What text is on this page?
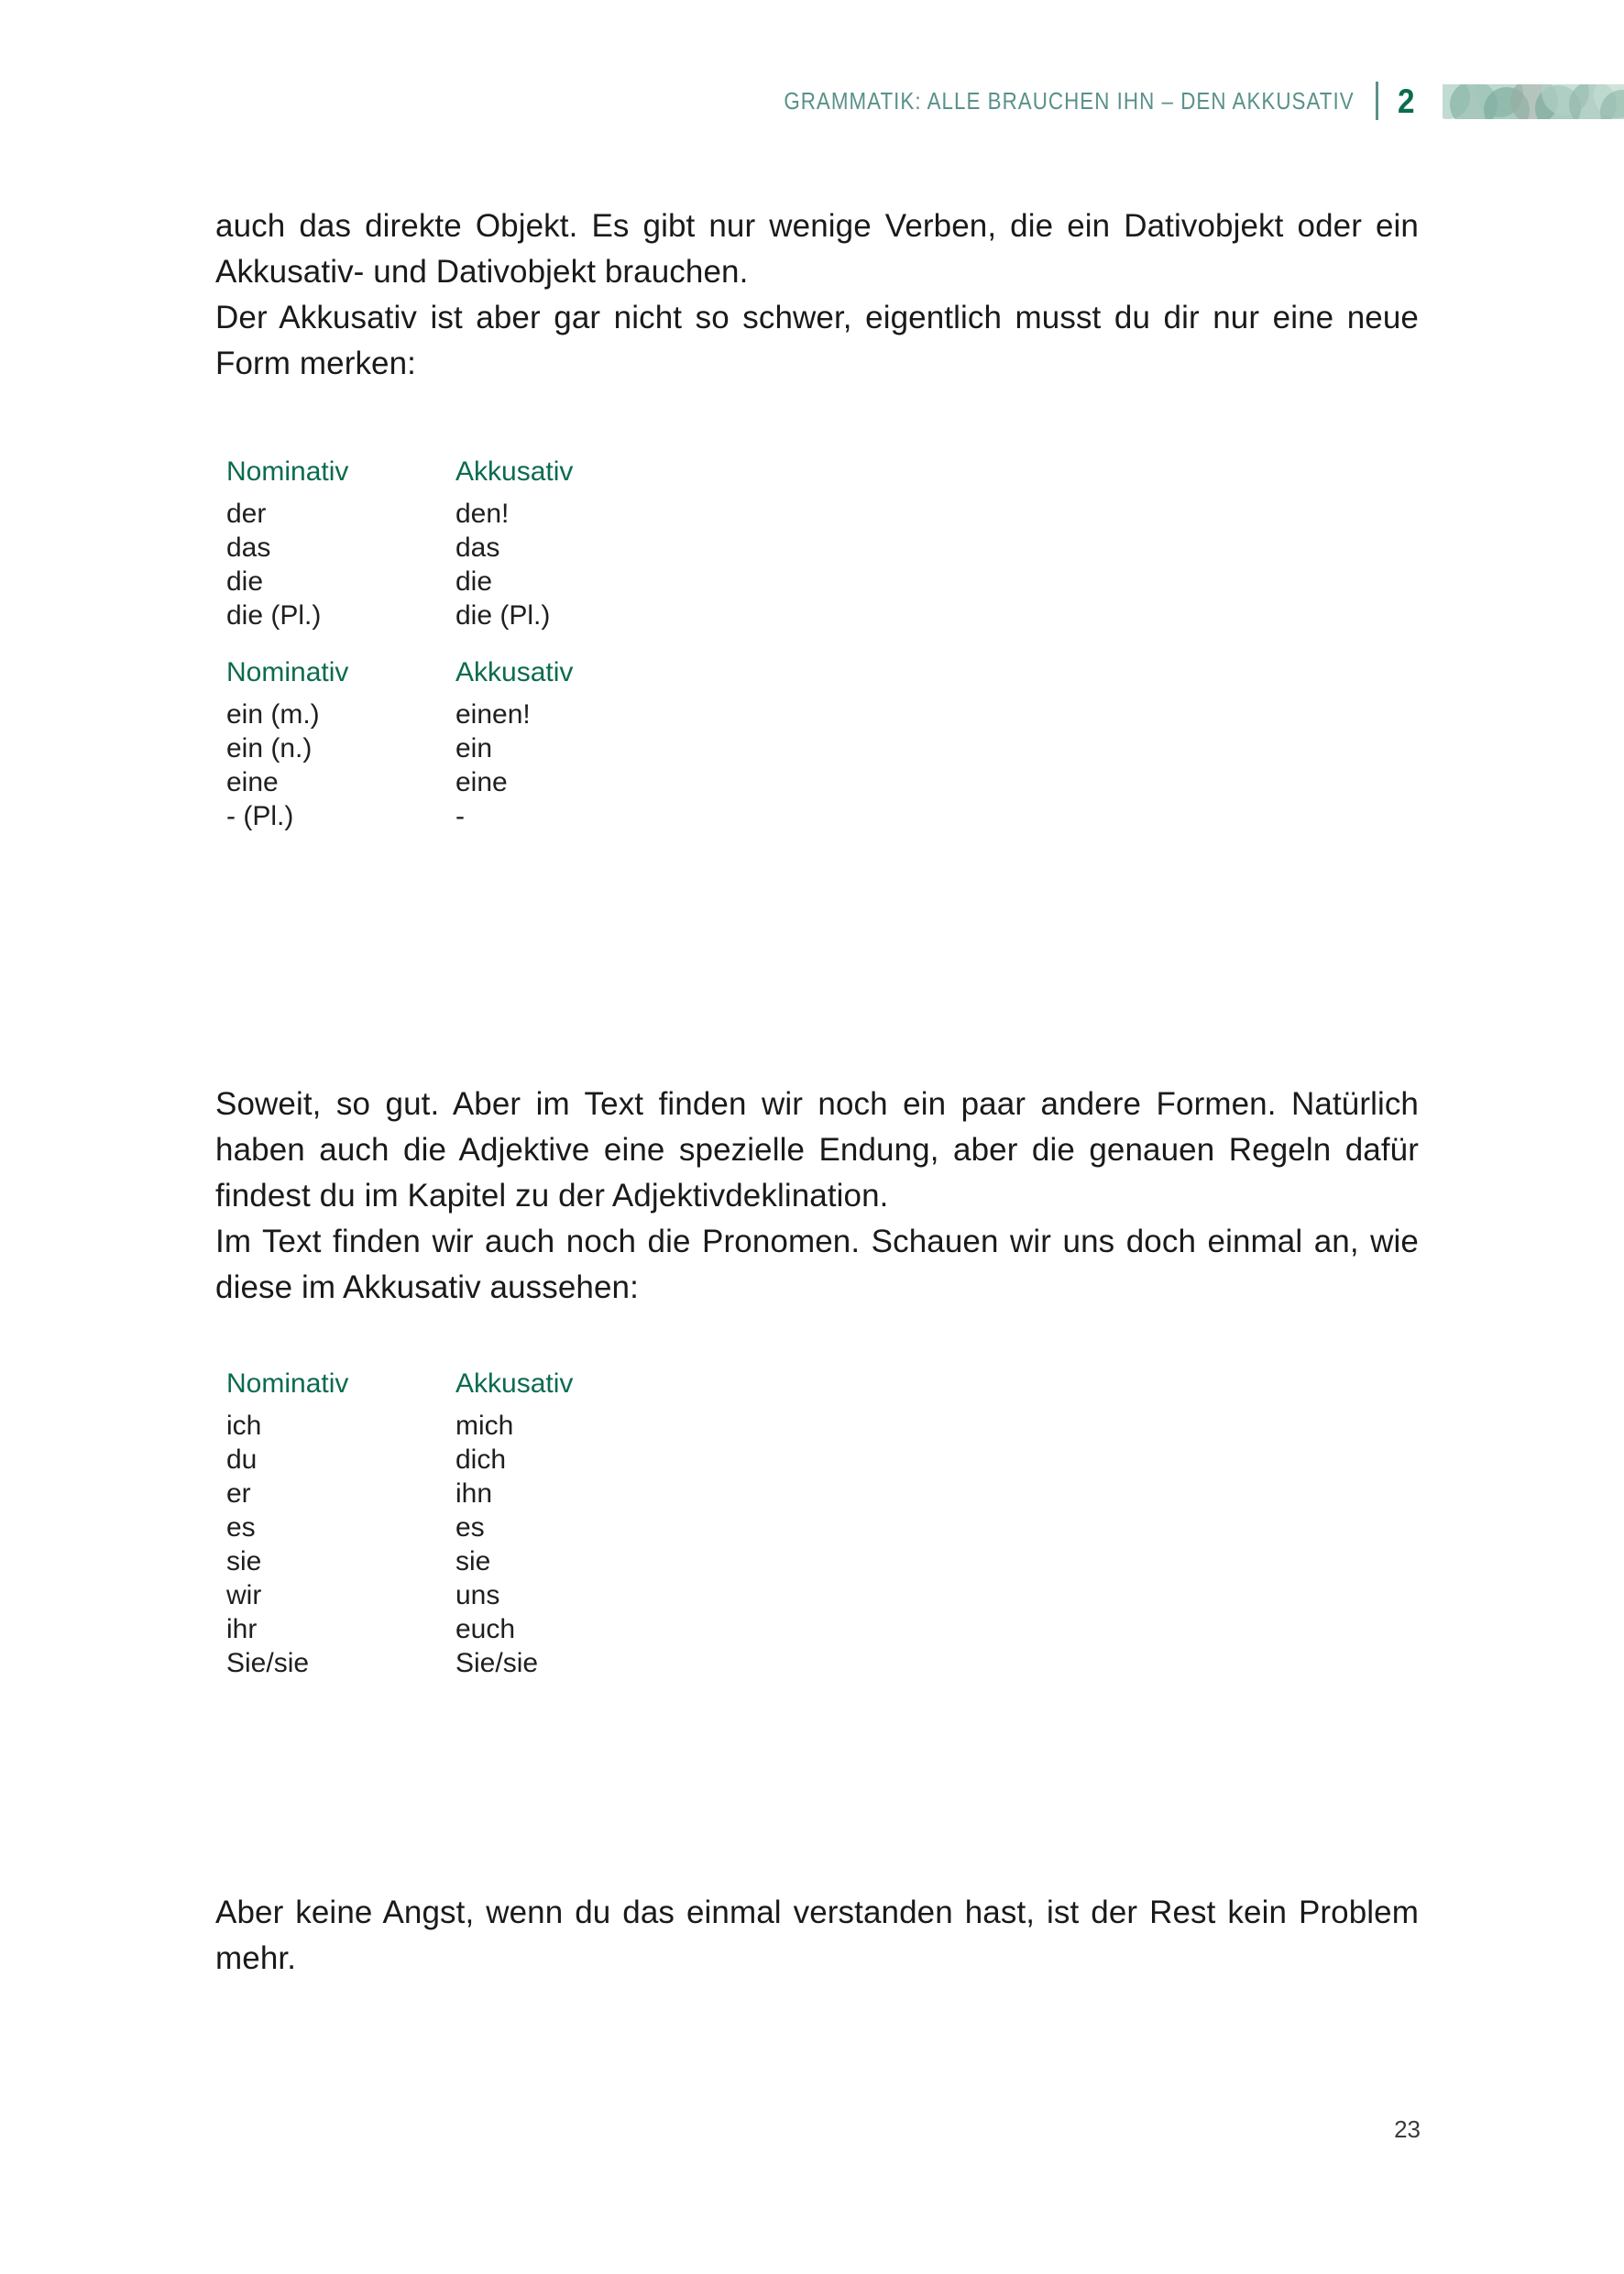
GRAMMATIK: ALLE BRAUCHEN IHN – DEN AKKUSATIV 2

auch das direkte Objekt. Es gibt nur wenige Verben, die ein Dativobjekt oder ein Akkusativ- und Dativobjekt brauchen.

Der Akkusativ ist aber gar nicht so schwer, eigentlich musst du dir nur eine neue Form merken:

Nominativ	Akkusativ
der	den!
das	das
die	die
die (Pl.)	die (Pl.)
Nominativ	Akkusativ
ein (m.)	einen!
ein (n.)	ein
eine	eine
- (Pl.)	-

Soweit, so gut. Aber im Text finden wir noch ein paar andere Formen. Natürlich haben auch die Adjektive eine spezielle Endung, aber die genauen Regeln dafür findest du im Kapitel zu der Adjektivdeklination.

Im Text finden wir auch noch die Pronomen. Schauen wir uns doch einmal an, wie diese im Akkusativ aussehen:

Nominativ	Akkusativ
ich	mich
du	dich
er	ihn
es	es
sie	sie
wir	uns
ihr	euch
Sie/sie	Sie/sie

Aber keine Angst, wenn du das einmal verstanden hast, ist der Rest kein Problem mehr.

23
